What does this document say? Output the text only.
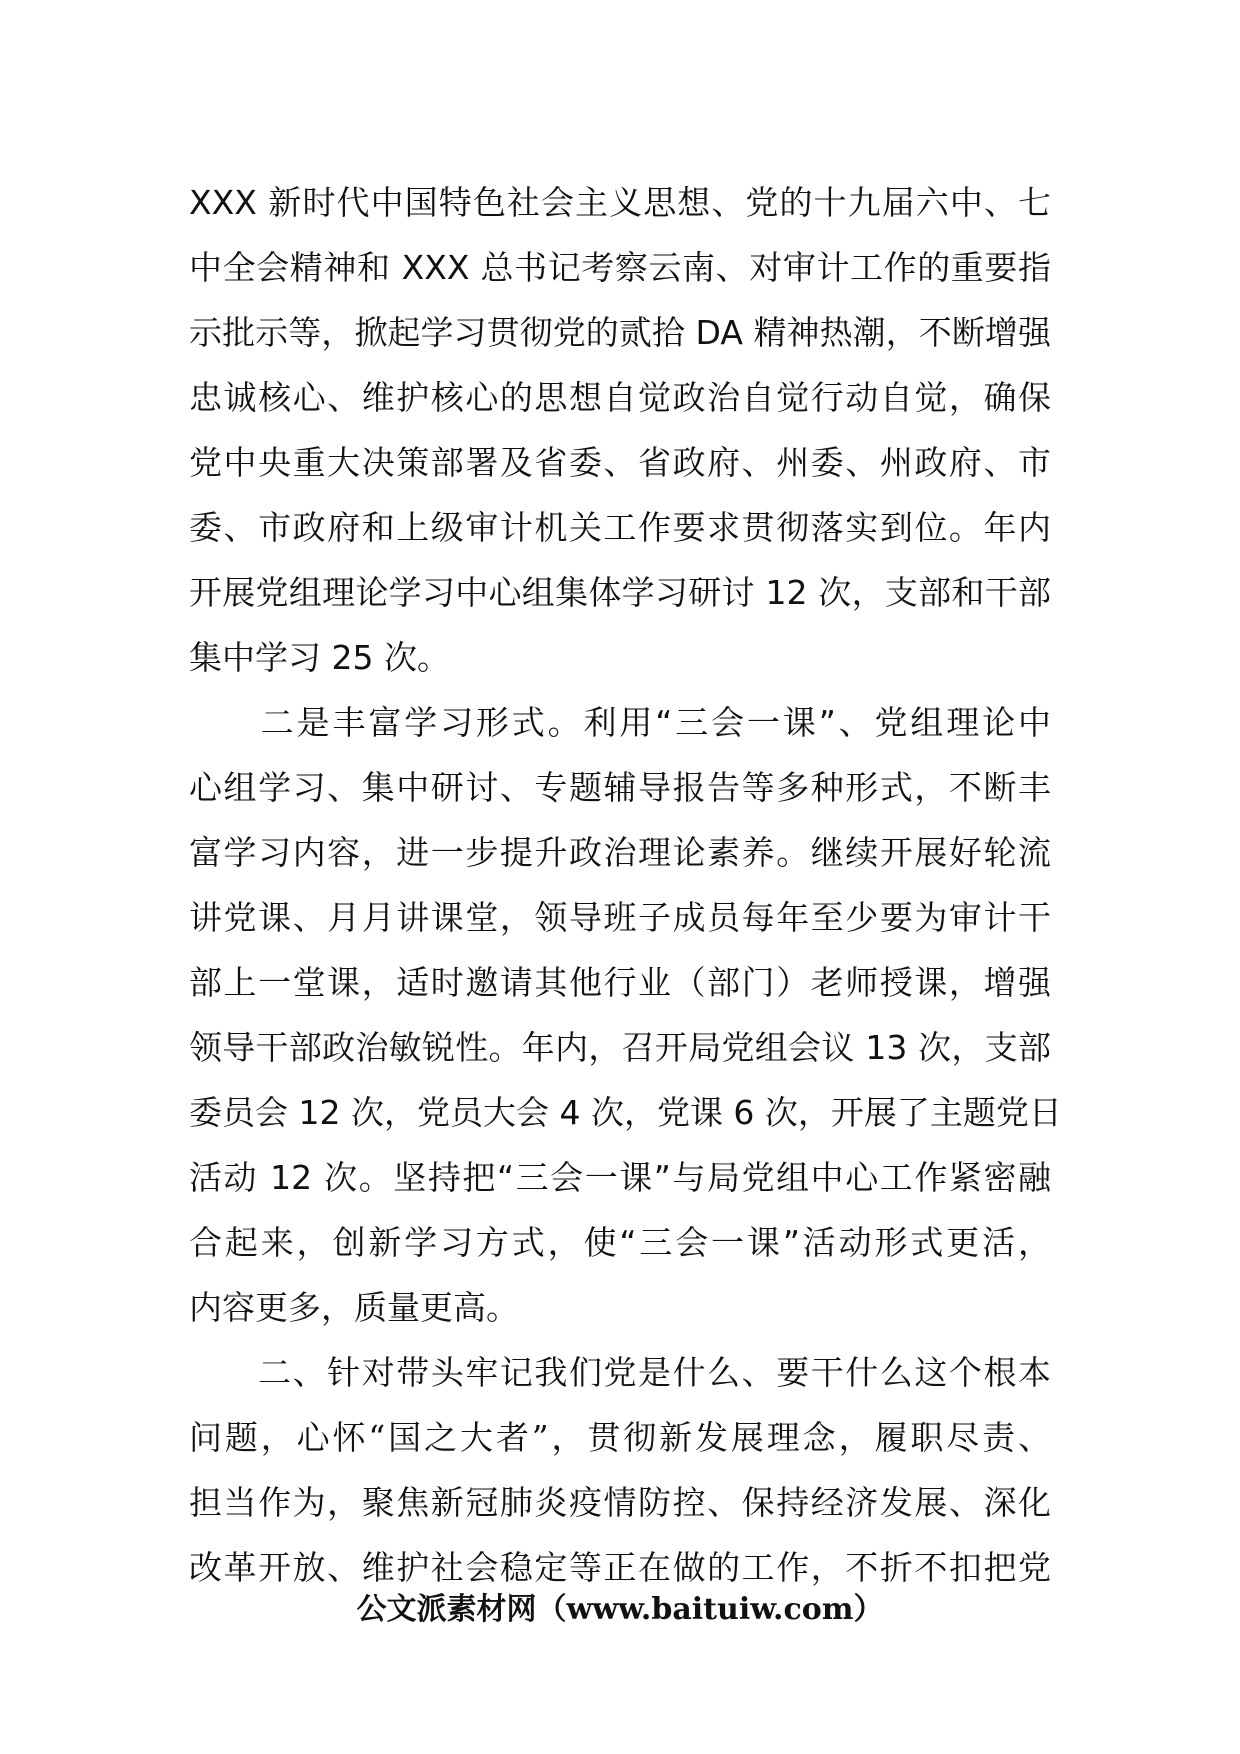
XXX 新时代中国特色社会主义思想、党的十九届六中、七
中全会精神和 XXX 总书记考察云南、对审计工作的重要指
示批示等，掀起学习贯彻党的贰拾 DA 精神热潮，不断增强
忠诚核心、维护核心的思想自觉政治自觉行动自觉，确保
党中央重大决策部署及省委、省政府、州委、州政府、市
委、市政府和上级审计机关工作要求贯彻落实到位。年内
开展党组理论学习中心组集体学习研讨 12 次，支部和干部
集中学习 25 次。
　　二是丰富学习形式。利用“三会一课”、党组理论中
心组学习、集中研讨、专题辅导报告等多种形式，不断丰
富学习内容，进一步提升政治理论素养。继续开展好轮流
讲党课、月月讲课堂，领导班子成员每年至少要为审计干
部上一堂课，适时邀请其他行业（部门）老师授课，增强
领导干部政治敏锐性。年内，召开局党组会议 13 次，支部
委员会 12 次，党员大会 4 次，党课 6 次，开展了主题党日
活动 12 次。坚持把“三会一课”与局党组中心工作紧密融
合起来，创新学习方式，使“三会一课”活动形式更活，
内容更多，质量更高。
　　二、针对带头牢记我们党是什么、要干什么这个根本
问题，心怀“国之大者”，贯彻新发展理念，履职尽责、
担当作为，聚焦新冠肺炎疫情防控、保持经济发展、深化
改革开放、维护社会稳定等正在做的工作，不折不扣把党
公文派素材网（www.baituiw.com）
